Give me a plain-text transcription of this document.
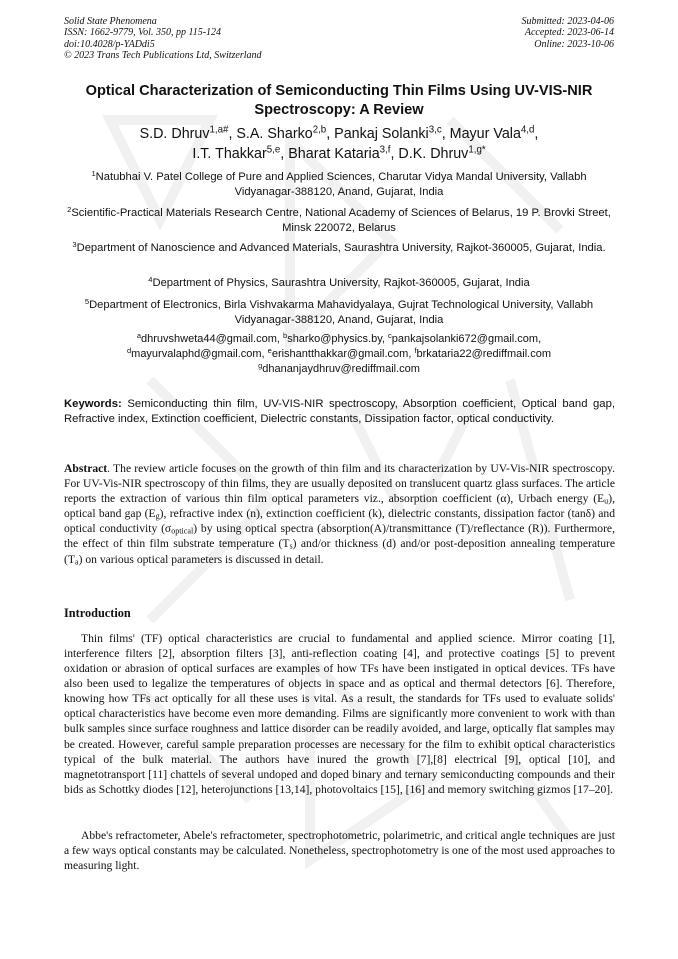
Solid State Phenomena
ISSN: 1662-9779, Vol. 350, pp 115-124
doi:10.4028/p-YADdi5
© 2023 Trans Tech Publications Ltd, Switzerland
Submitted: 2023-04-06
Accepted: 2023-06-14
Online: 2023-10-06
Optical Characterization of Semiconducting Thin Films Using UV-VIS-NIR Spectroscopy: A Review
S.D. Dhruv$^{1,a\#}$, S.A. Sharko$^{2,b}$, Pankaj Solanki$^{3,c}$, Mayur Vala$^{4,d}$,
I.T. Thakkar$^{5,e}$, Bharat Kataria$^{3,f}$, D.K. Dhruv$^{1,g*}$
$^1$Natubhai V. Patel College of Pure and Applied Sciences, Charutar Vidya Mandal University, Vallabh Vidyanagar-388120, Anand, Gujarat, India
$^2$Scientific-Practical Materials Research Centre, National Academy of Sciences of Belarus, 19 P. Brovki Street, Minsk 220072, Belarus
$^3$Department of Nanoscience and Advanced Materials, Saurashtra University, Rajkot-360005, Gujarat, India.
$^4$Department of Physics, Saurashtra University, Rajkot-360005, Gujarat, India
$^5$Department of Electronics, Birla Vishvakarma Mahavidyalaya, Gujrat Technological University, Vallabh Vidyanagar-388120, Anand, Gujarat, India
$^a$dhruvshweta44@gmail.com, $^b$sharko@physics.by, $^c$pankajsolanki672@gmail.com,
$^d$mayurvalaphd@gmail.com, $^e$erishantthakkar@gmail.com, $^f$brkataria22@rediffmail.com
$^g$dhananjaydhruv@rediffmail.com
Keywords: Semiconducting thin film, UV-VIS-NIR spectroscopy, Absorption coefficient, Optical band gap, Refractive index, Extinction coefficient, Dielectric constants, Dissipation factor, optical conductivity.
Abstract. The review article focuses on the growth of thin film and its characterization by UV-Vis-NIR spectroscopy. For UV-Vis-NIR spectroscopy of thin films, they are usually deposited on translucent quartz glass surfaces. The article reports the extraction of various thin film optical parameters viz., absorption coefficient (α), Urbach energy $(E_u)$, optical band gap $(E_g)$, refractive index (n), extinction coefficient (k), dielectric constants, dissipation factor (tanδ) and optical conductivity $(\sigma_{optical})$ by using optical spectra (absorption(A)/transmittance (T)/reflectance (R)). Furthermore, the effect of thin film substrate temperature $(T_s)$ and/or thickness (d) and/or post-deposition annealing temperature $(T_a)$ on various optical parameters is discussed in detail.
Introduction
Thin films' (TF) optical characteristics are crucial to fundamental and applied science. Mirror coating [1], interference filters [2], absorption filters [3], anti-reflection coating [4], and protective coatings [5] to prevent oxidation or abrasion of optical surfaces are examples of how TFs have been instigated in optical devices. TFs have also been used to legalize the temperatures of objects in space and as optical and thermal detectors [6]. Therefore, knowing how TFs act optically for all these uses is vital. As a result, the standards for TFs used to evaluate solids' optical characteristics have become even more demanding. Films are significantly more convenient to work with than bulk samples since surface roughness and lattice disorder can be readily avoided, and large, optically flat samples may be created. However, careful sample preparation processes are necessary for the film to exhibit optical characteristics typical of the bulk material. The authors have inured the growth [7],[8] electrical [9], optical [10], and magnetotransport [11] chattels of several undoped and doped binary and ternary semiconducting compounds and their bids as Schottky diodes [12], heterojunctions [13,14], photovoltaics [15], [16] and memory switching gizmos [17–20].
Abbe's refractometer, Abele's refractometer, spectrophotometric, polarimetric, and critical angle techniques are just a few ways optical constants may be calculated. Nonetheless, spectrophotometry is one of the most used approaches to measuring light.
